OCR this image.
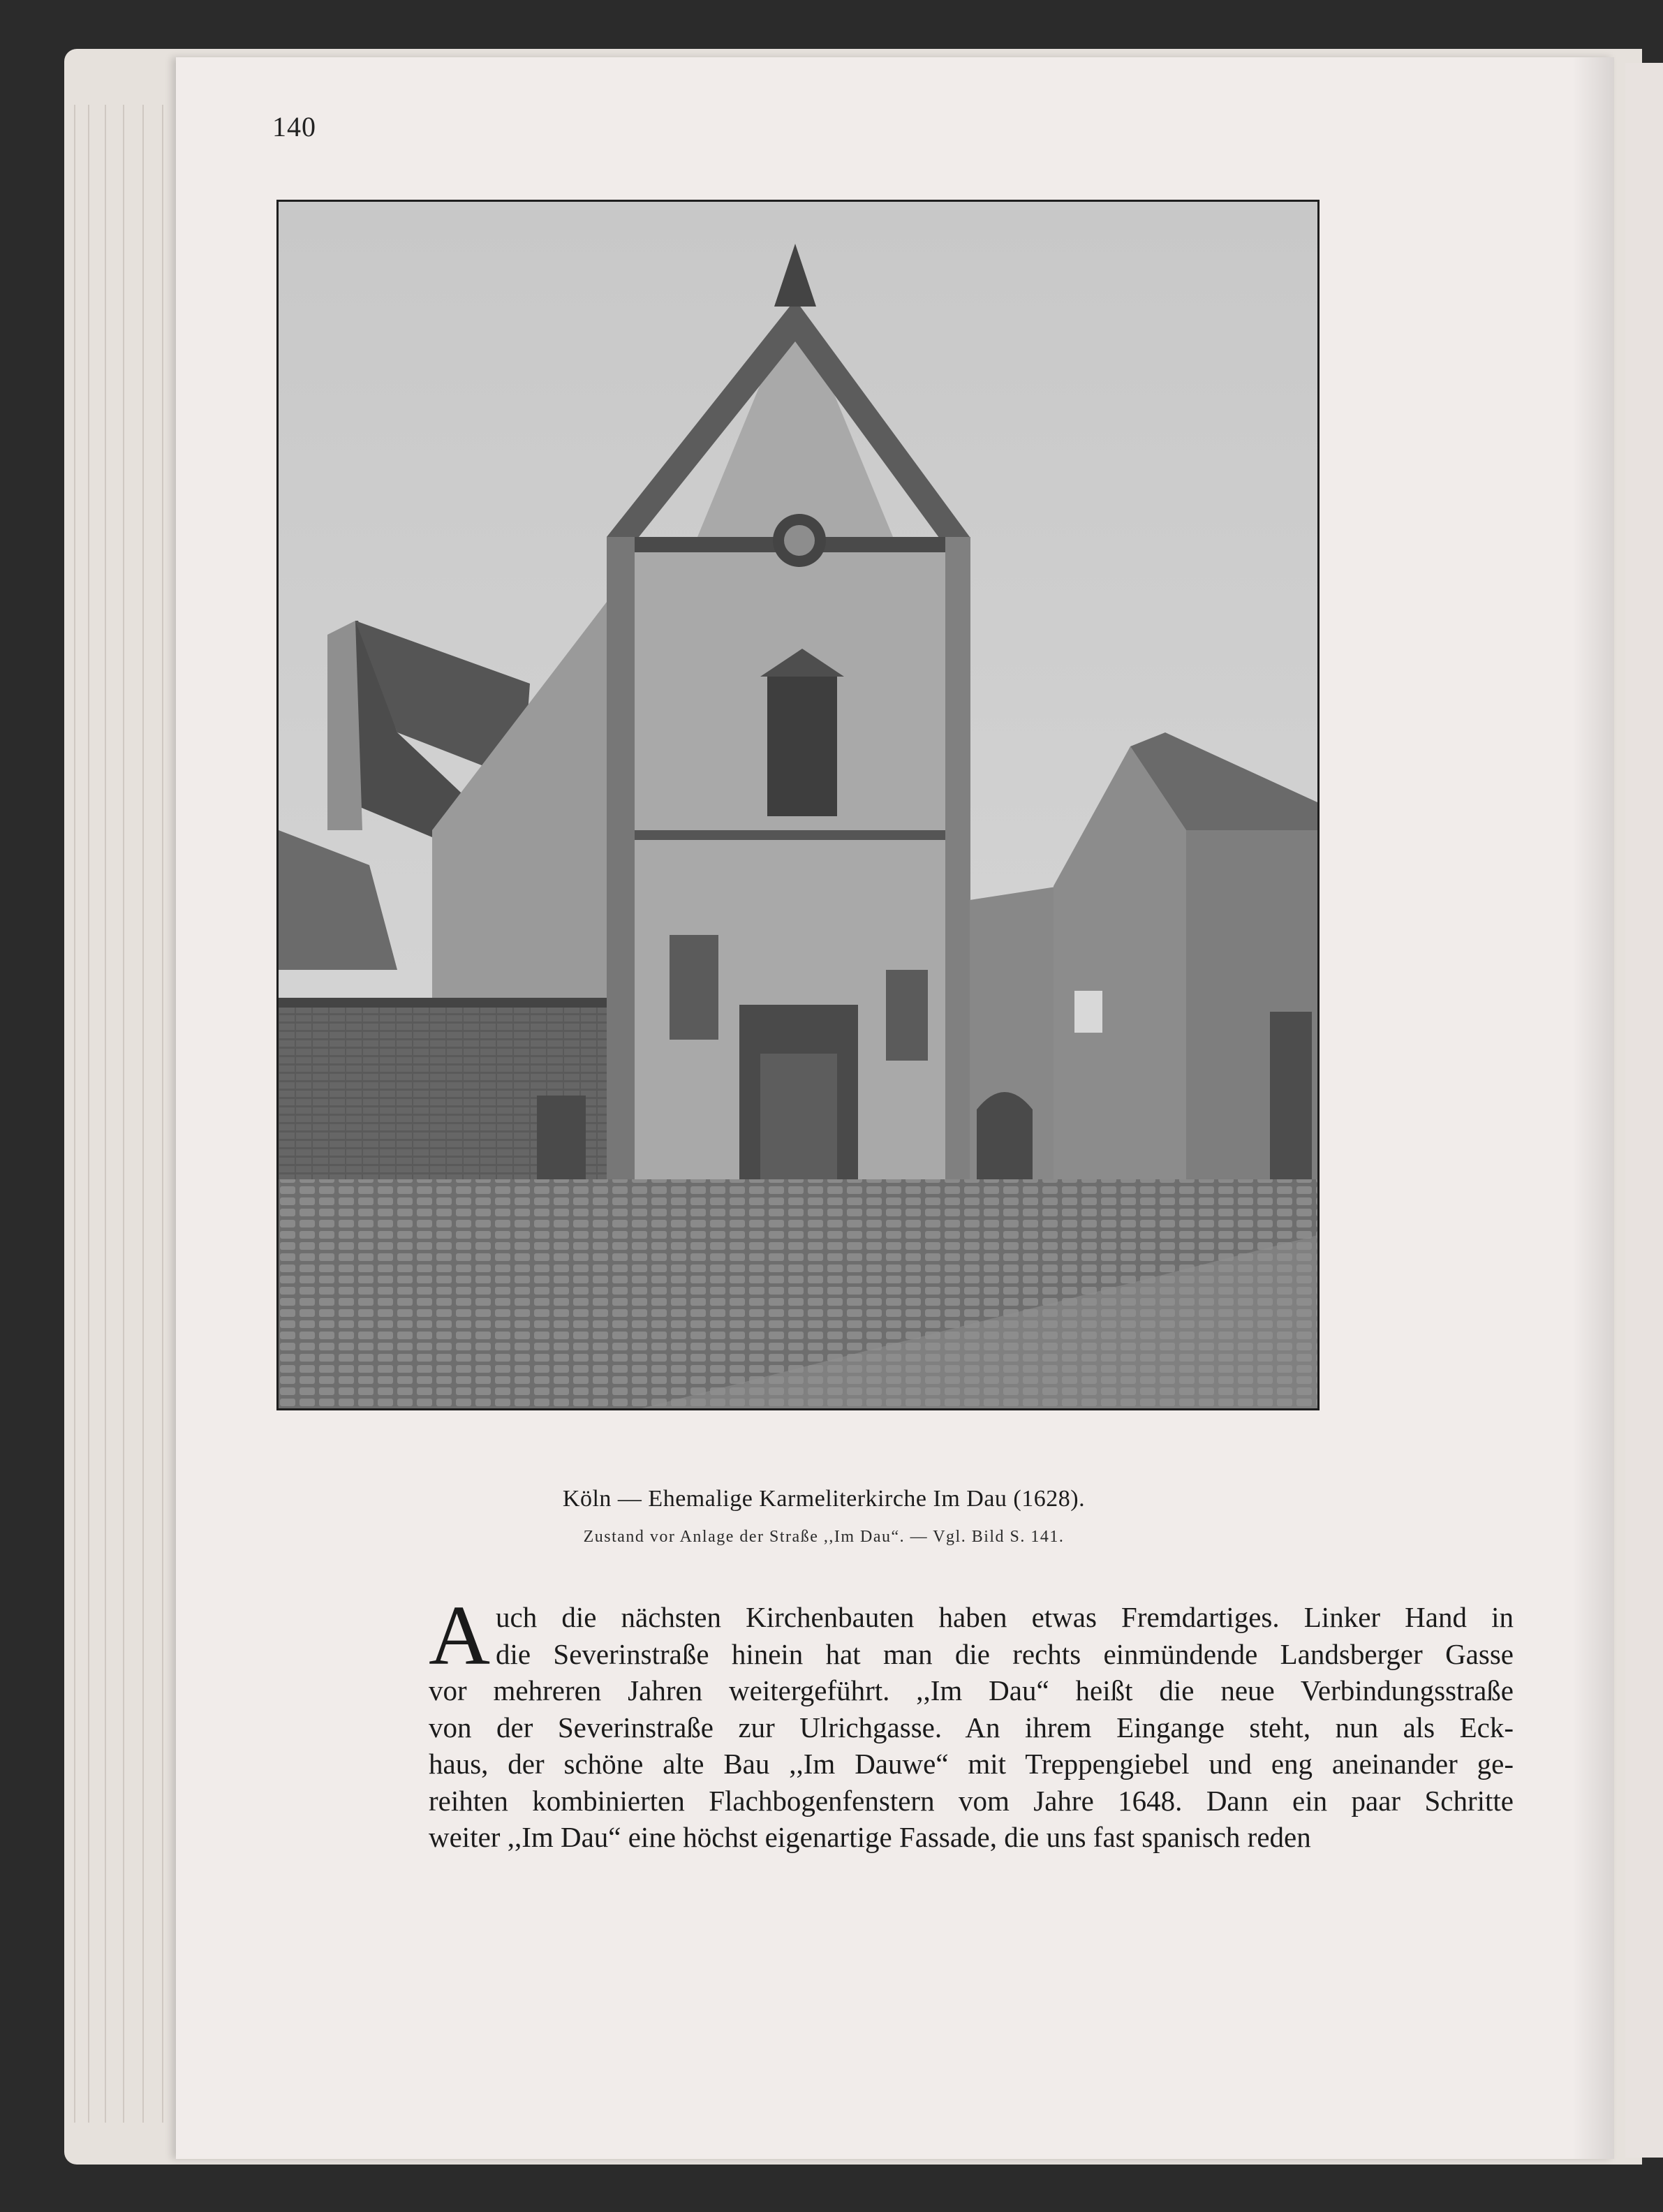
140
Köln — Ehemalige Karmeliterkirche Im Dau (1628).
Zustand vor Anlage der Straße ,,Im Dau“. — Vgl. Bild S. 141.
A uch die nächsten Kirchenbauten haben etwas Fremdartiges. Linker Hand in
die Severinstraße hinein hat man die rechts einmündende Landsberger Gasse
vor mehreren Jahren weitergeführt. ,,Im Dau“ heißt die neue Verbindungsstraße
von der Severinstraße zur Ulrichgasse. An ihrem Eingange steht, nun als Eck-
haus, der schöne alte Bau ,,Im Dauwe“ mit Treppengiebel und eng aneinander ge-
reihten kombinierten Flachbogenfenstern vom Jahre 1648. Dann ein paar Schritte
weiter ,,Im Dau“ eine höchst eigenartige Fassade, die uns fast spanisch reden
